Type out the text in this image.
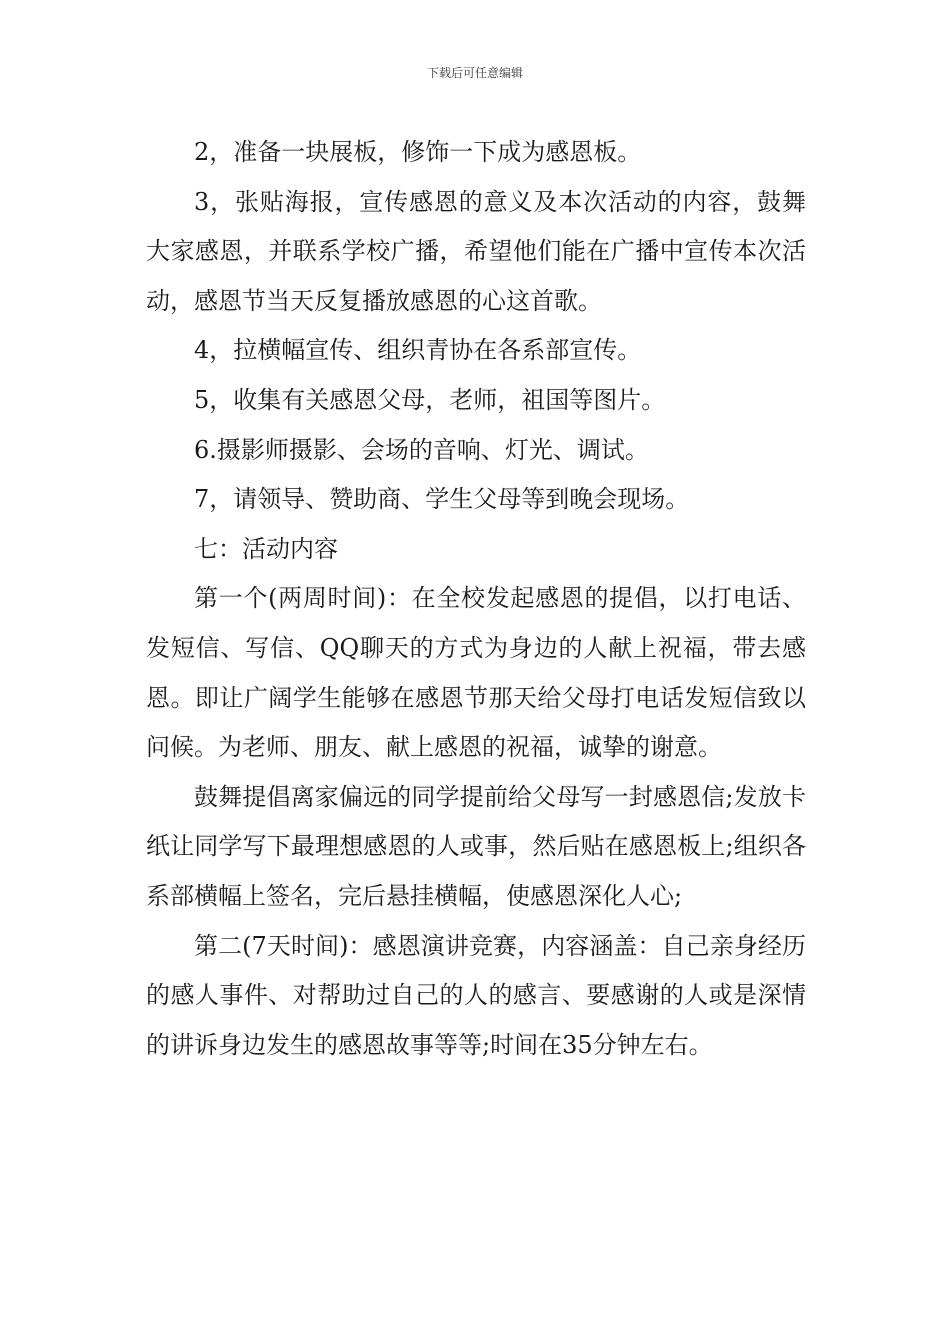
下载后可任意编辑

2，准备一块展板，修饰一下成为感恩板。

3，张贴海报，宣传感恩的意义及本次活动的内容，鼓舞大家感恩，并联系学校广播，希望他们能在广播中宣传本次活动，感恩节当天反复播放感恩的心这首歌。

4，拉横幅宣传、组织青协在各系部宣传。

5，收集有关感恩父母，老师，祖国等图片。

6.摄影师摄影、会场的音响、灯光、调试。

7，请领导、赞助商、学生父母等到晚会现场。

七：活动内容

第一个(两周时间)：在全校发起感恩的提倡，以打电话、发短信、写信、QQ聊天的方式为身边的人献上祝福，带去感恩。即让广阔学生能够在感恩节那天给父母打电话发短信致以问候。为老师、朋友、献上感恩的祝福，诚挚的谢意。

鼓舞提倡离家偏远的同学提前给父母写一封感恩信;发放卡纸让同学写下最理想感恩的人或事，然后贴在感恩板上;组织各系部横幅上签名，完后悬挂横幅，使感恩深化人心;

第二(7天时间)：感恩演讲竞赛，内容涵盖：自己亲身经历的感人事件、对帮助过自己的人的感言、要感谢的人或是深情的讲诉身边发生的感恩故事等等;时间在35分钟左右。
